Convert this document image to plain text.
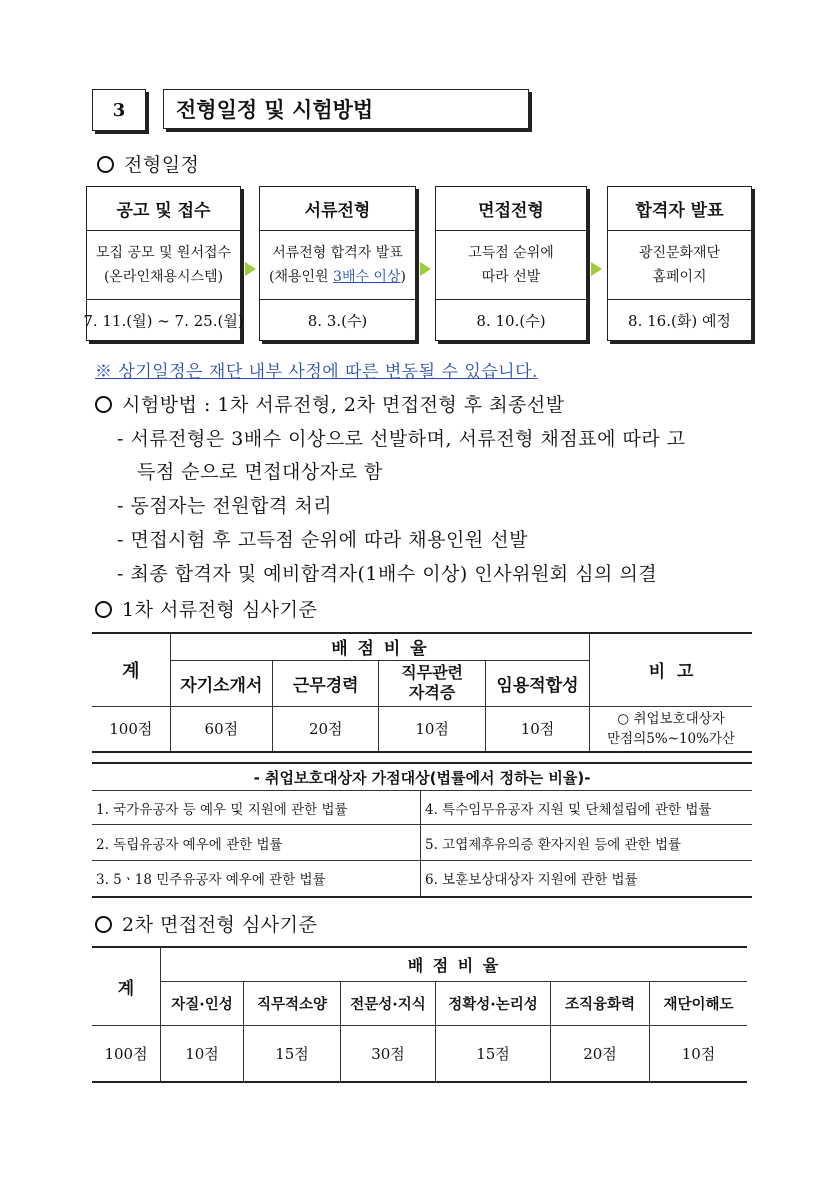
3	전형일정 및 시험방법
전형일정
공고 및 접수
모집 공모 및 원서접수
(온라인채용시스템)
7. 11.(월) ~ 7. 25.(월)
서류전형
서류전형 합격자 발표
(채용인원 3배수 이상)
8. 3.(수)
면접전형
고득점 순위에
따라 선발
8. 10.(수)
합격자 발표
광진문화재단
홈페이지
8. 16.(화) 예정
※ 상기일정은 재단 내부 사정에 따른 변동될 수 있습니다.
시험방법 : 1차 서류전형, 2차 면접전형 후 최종선발
- 서류전형은 3배수 이상으로 선발하며, 서류전형 채점표에 따라 고
득점 순으로 면접대상자로 함
- 동점자는 전원합격 처리
- 면접시험 후 고득점 순위에 따라 채용인원 선발
- 최종 합격자 및 예비합격자(1배수 이상) 인사위원회 심의 의결
1차 서류전형 심사기준
계	배 점 비 율				비  고
	자기소개서	근무경력	직무관련
자격증	임용적합성	
100점	60점	20점	10점	10점	○ 취업보호대상자
만점의5%~10%가산
- 취업보호대상자 가점대상(법률에서 정하는 비율)-
1. 국가유공자 등 예우 및 지원에 관한 법률	4. 특수임무유공자 지원 및 단체설립에 관한 법률
2. 독립유공자 예우에 관한 법률	5. 고엽제후유의증 환자지원 등에 관한 법률
3. 5ㆍ18 민주유공자 예우에 관한 법률	6. 보훈보상대상자 지원에 관한 법률
2차 면접전형 심사기준
계	배 점 비 율					
	자질·인성	직무적소양	전문성·지식	정확성·논리성	조직융화력	재단이해도
100점	10점	15점	30점	15점	20점	10점
